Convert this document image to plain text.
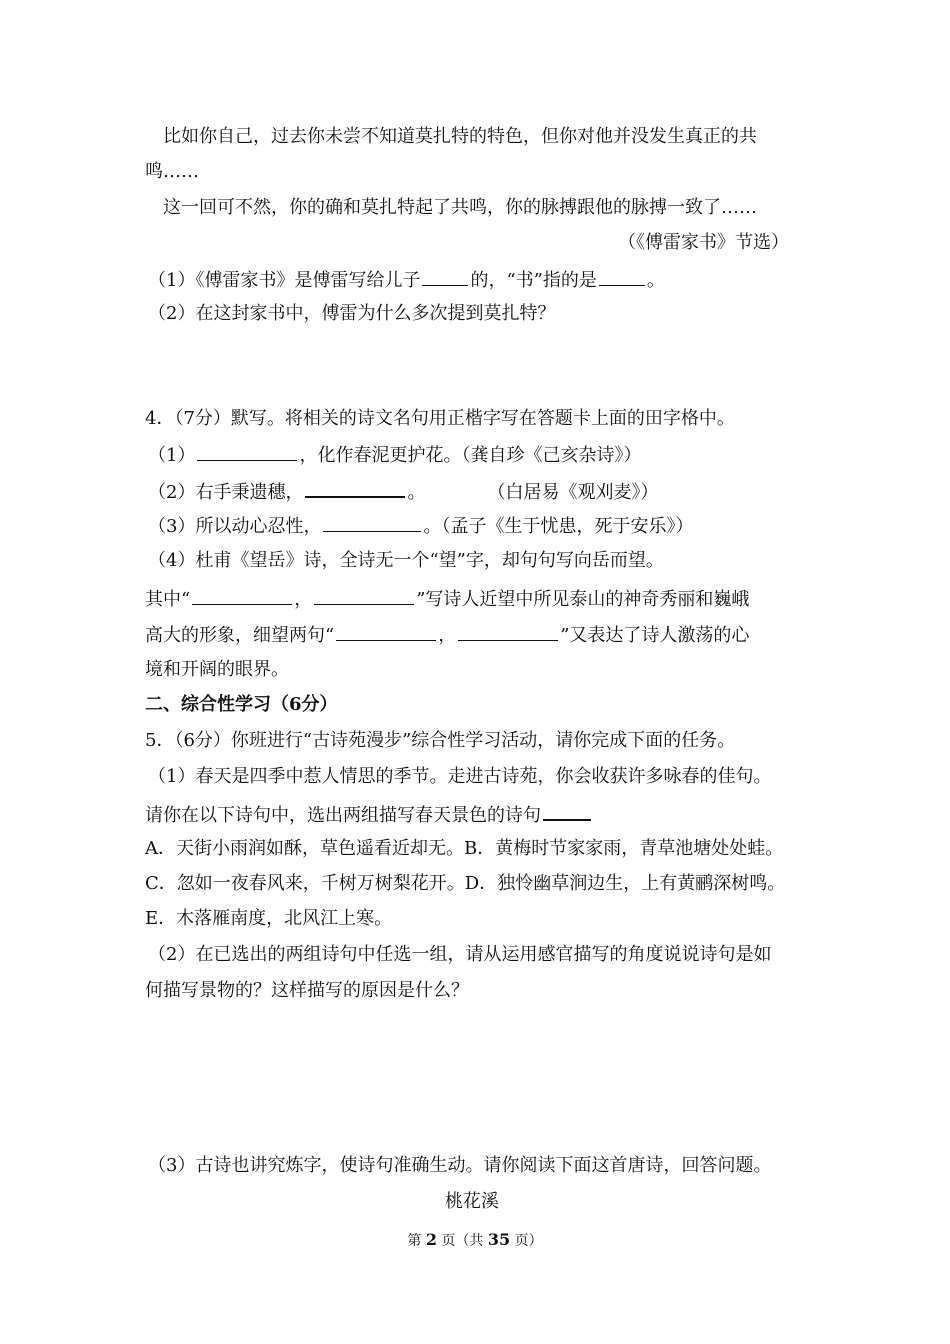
比如你自己，过去你未尝不知道莫扎特的特色，但你对他并没发生真正的共
鸣……
这一回可不然，你的确和莫扎特起了共鸣，你的脉搏跟他的脉搏一致了……
（《傅雷家书》节选）
（1）《傅雷家书》是傅雷写给儿子	的，“书”指的是	。
（2）在这封家书中，傅雷为什么多次提到莫扎特？
4．（7分）默写。将相关的诗文名句用正楷字写在答题卡上面的田字格中。
（1）	，化作春泥更护花。（龚自珍《己亥杂诗》）
（2）右手秉遗穗，	。	（白居易《观刈麦》）
（3）所以动心忍性，	。（孟子《生于忧患，死于安乐》）
（4）杜甫《望岳》诗，全诗无一个“望”字，却句句写向岳而望。
其中“	，	”写诗人近望中所见泰山的神奇秀丽和巍峨
高大的形象，细望两句“	，	”又表达了诗人激荡的心
境和开阔的眼界。
二、综合性学习（6分）
5．（6分）你班进行“古诗苑漫步”综合性学习活动，请你完成下面的任务。
（1）春天是四季中惹人情思的季节。走进古诗苑，你会收获许多咏春的佳句。
请你在以下诗句中，选出两组描写春天景色的诗句
A．天街小雨润如酥，草色遥看近却无。B．黄梅时节家家雨，青草池塘处处蛙。
C．忽如一夜春风来，千树万树梨花开。D．独怜幽草涧边生，上有黄鹂深树鸣。
E．木落雁南度，北风江上寒。
（2）在已选出的两组诗句中任选一组，请从运用感官描写的角度说说诗句是如
何描写景物的？这样描写的原因是什么？
（3）古诗也讲究炼字，使诗句准确生动。请你阅读下面这首唐诗，回答问题。
桃花溪
第 2 页（共 35 页）
